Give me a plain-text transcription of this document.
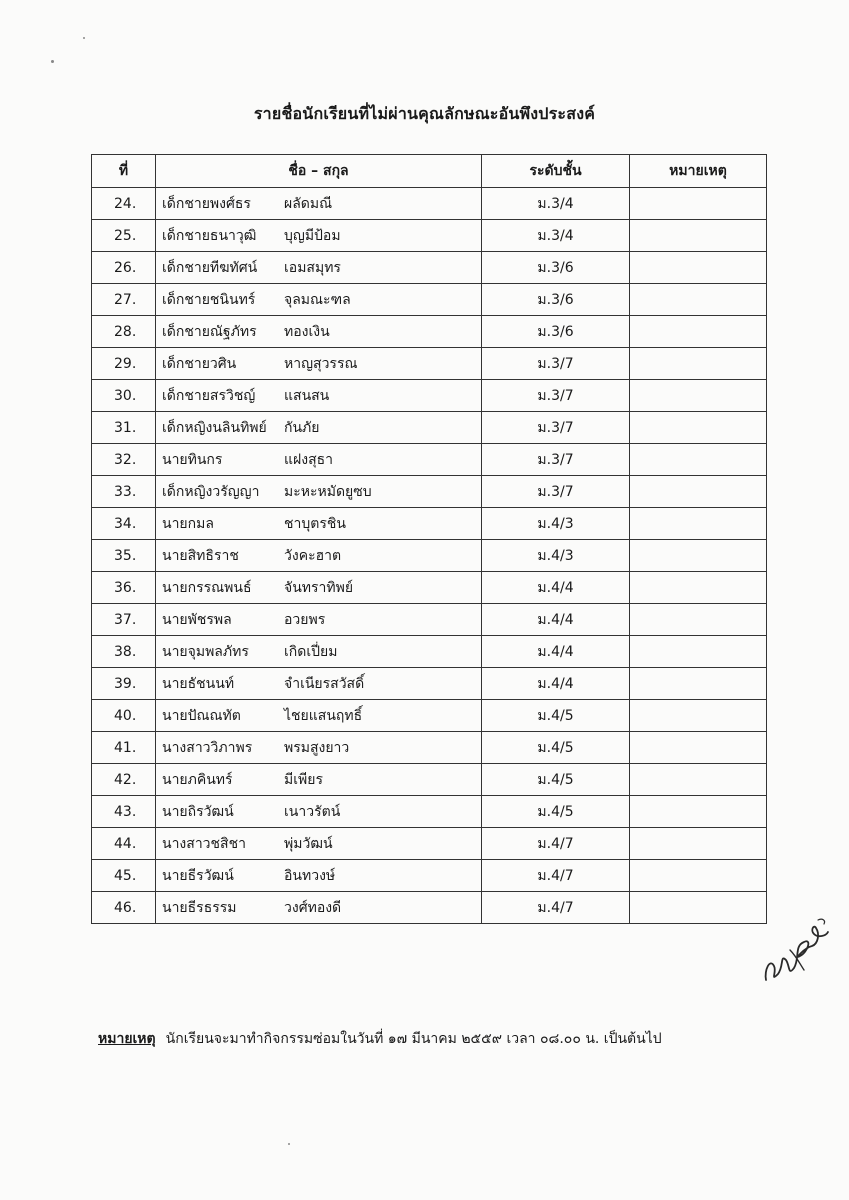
รายชื่อนักเรียนที่ไม่ผ่านคุณลักษณะอันพึงประสงค์
ที่	ชื่อ – สกุล	ระดับชั้น	หมายเหตุ
24.	เด็กชายพงศ์ธร ผลัดมณี	ม.3/4	
25.	เด็กชายธนาวุฒิ บุญมีป้อม	ม.3/4	
26.	เด็กชายทีฆทัศน์ เอมสมุทร	ม.3/6	
27.	เด็กชายชนินทร์ จุลมณะฑล	ม.3/6	
28.	เด็กชายณัฐภัทร ทองเงิน	ม.3/6	
29.	เด็กชายวศิน หาญสุวรรณ	ม.3/7	
30.	เด็กชายสรวิชญ์ แสนสน	ม.3/7	
31.	เด็กหญิงนลินทิพย์ กันภัย	ม.3/7	
32.	นายทินกร แฝงสุธา	ม.3/7	
33.	เด็กหญิงวรัญญา มะหะหมัดยูซบ	ม.3/7	
34.	นายกมล ชาบุตรชิน	ม.4/3	
35.	นายสิทธิราช วังคะฮาต	ม.4/3	
36.	นายกรรณพนธ์ จันทราทิพย์	ม.4/4	
37.	นายพัชรพล อวยพร	ม.4/4	
38.	นายจุมพลภัทร เกิดเปี่ยม	ม.4/4	
39.	นายธัชนนท์ จำเนียรสวัสดิ์	ม.4/4	
40.	นายปัณณทัต ไชยแสนฤทธิ์	ม.4/5	
41.	นางสาววิภาพร พรมสูงยาว	ม.4/5	
42.	นายภคินทร์ มีเพียร	ม.4/5	
43.	นายถิรวัฒน์ เนาวรัตน์	ม.4/5	
44.	นางสาวชสิชา พุ่มวัฒน์	ม.4/7	
45.	นายธีรวัฒน์ อินทวงษ์	ม.4/7	
46.	นายธีรธรรม วงศ์ทองดี	ม.4/7	
หมายเหตุ นักเรียนจะมาทำกิจกรรมซ่อมในวันที่ ๑๗ มีนาคม ๒๕๕๙ เวลา ๐๘.๐๐ น. เป็นต้นไป
